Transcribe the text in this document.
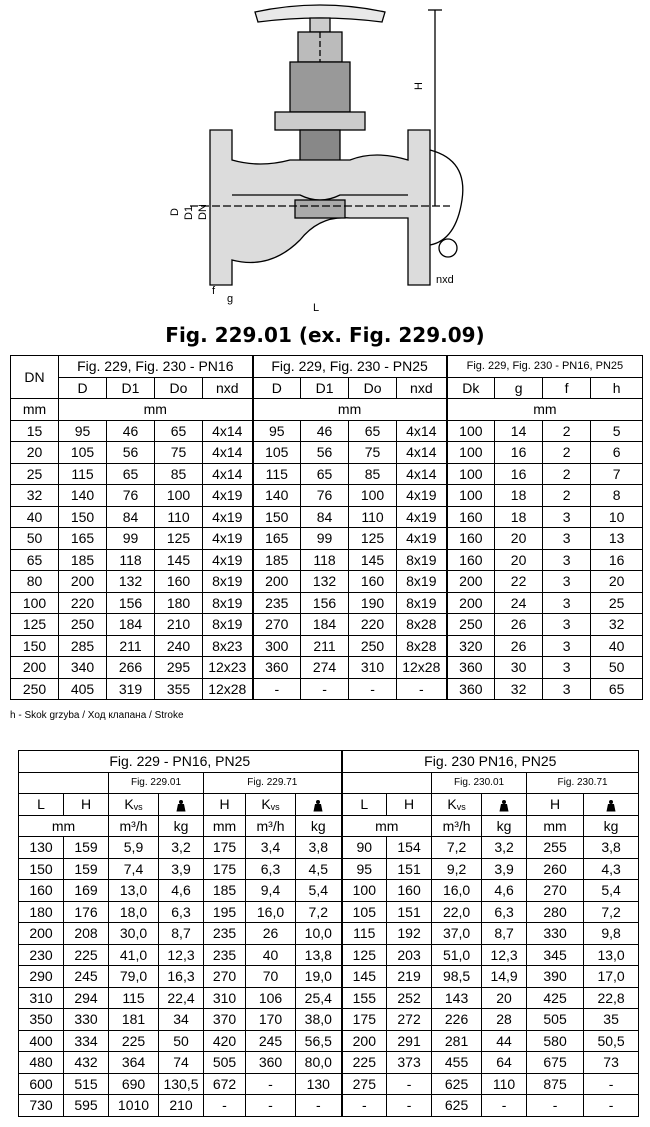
H
D D1 DN
f
g
L
nxd
Fig. 229.01 (ex. Fig. 229.09)
DN	Fig. 229, Fig. 230 - PN16				Fig. 229, Fig. 230 - PN25				Fig. 229, Fig. 230 - PN16, PN25			
	D	D1	Do	nxd	D	D1	Do	nxd	Dk	g	f	h
mm	mm				mm				mm			
15	95	46	65	4x14	95	46	65	4x14	100	14	2	5
20	105	56	75	4x14	105	56	75	4x14	100	16	2	6
25	115	65	85	4x14	115	65	85	4x14	100	16	2	7
32	140	76	100	4x19	140	76	100	4x19	100	18	2	8
40	150	84	110	4x19	150	84	110	4x19	160	18	3	10
50	165	99	125	4x19	165	99	125	4x19	160	20	3	13
65	185	118	145	4x19	185	118	145	8x19	160	20	3	16
80	200	132	160	8x19	200	132	160	8x19	200	22	3	20
100	220	156	180	8x19	235	156	190	8x19	200	24	3	25
125	250	184	210	8x19	270	184	220	8x28	250	26	3	32
150	285	211	240	8x23	300	211	250	8x28	320	26	3	40
200	340	266	295	12x23	360	274	310	12x28	360	30	3	50
250	405	319	355	12x28	-	-	-	-	360	32	3	65
h - Skok grzyba / Ход клапана / Stroke
Fig. 229 - PN16, PN25							Fig. 230 PN16, PN25					
		Fig. 229.01		Fig. 229.71					Fig. 230.01		Fig. 230.71	
L	H	Kvs		H	Kvs		L	H	Kvs		H	
mm		m³/h	kg	mm	m³/h	kg	mm		m³/h	kg	mm	kg
130	159	5,9	3,2	175	3,4	3,8	90	154	7,2	3,2	255	3,8
150	159	7,4	3,9	175	6,3	4,5	95	151	9,2	3,9	260	4,3
160	169	13,0	4,6	185	9,4	5,4	100	160	16,0	4,6	270	5,4
180	176	18,0	6,3	195	16,0	7,2	105	151	22,0	6,3	280	7,2
200	208	30,0	8,7	235	26	10,0	115	192	37,0	8,7	330	9,8
230	225	41,0	12,3	235	40	13,8	125	203	51,0	12,3	345	13,0
290	245	79,0	16,3	270	70	19,0	145	219	98,5	14,9	390	17,0
310	294	115	22,4	310	106	25,4	155	252	143	20	425	22,8
350	330	181	34	370	170	38,0	175	272	226	28	505	35
400	334	225	50	420	245	56,5	200	291	281	44	580	50,5
480	432	364	74	505	360	80,0	225	373	455	64	675	73
600	515	690	130,5	672	-	130	275	-	625	110	875	-
730	595	1010	210	-	-	-	-	-	625	-	-	-
